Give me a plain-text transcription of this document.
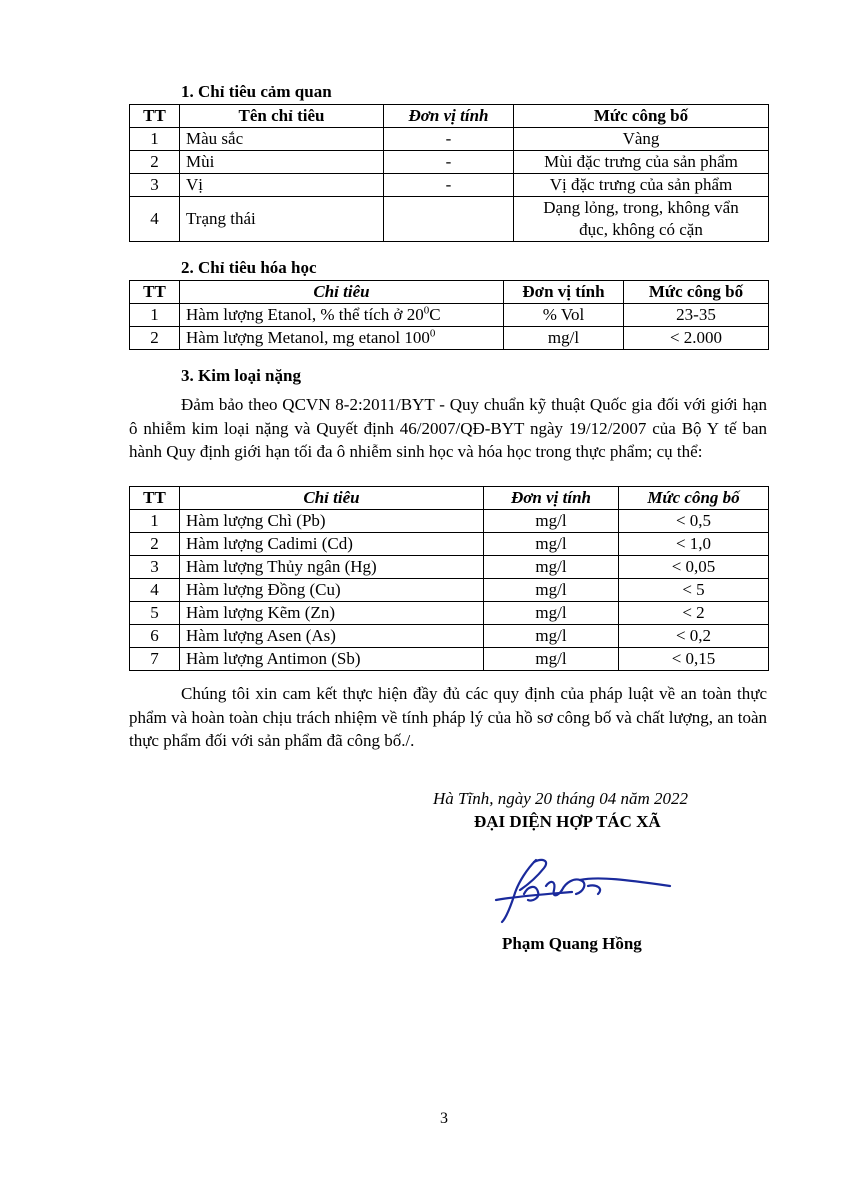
1. Chỉ tiêu cảm quan
TT	Tên chỉ tiêu	Đơn vị tính	Mức công bố
1	Màu sắc	-	Vàng
2	Mùi	-	Mùi đặc trưng của sản phẩm
3	Vị	-	Vị đặc trưng của sản phẩm
4	Trạng thái		Dạng lỏng, trong, không vẩn
đục, không có cặn
2. Chỉ tiêu hóa học
TT	Chỉ tiêu	Đơn vị tính	Mức công bố
1	Hàm lượng Etanol, % thể tích ở $20^0C$	% Vol	23-35
2	Hàm lượng Metanol, mg etanol $100^0$	mg/l	< 2.000
3. Kim loại nặng
Đảm bảo theo QCVN 8-2:2011/BYT - Quy chuẩn kỹ thuật Quốc gia đối với giới hạn ô nhiễm kim loại nặng và Quyết định 46/2007/QĐ-BYT ngày 19/12/2007 của Bộ Y tế ban hành Quy định giới hạn tối đa ô nhiễm sinh học và hóa học trong thực phẩm; cụ thể:
TT	Chỉ tiêu	Đơn vị tính	Mức công bố
1	Hàm lượng Chì (Pb)	mg/l	< 0,5
2	Hàm lượng Cadimi (Cd)	mg/l	< 1,0
3	Hàm lượng Thủy ngân (Hg)	mg/l	< 0,05
4	Hàm lượng Đồng (Cu)	mg/l	< 5
5	Hàm lượng Kẽm (Zn)	mg/l	< 2
6	Hàm lượng Asen (As)	mg/l	< 0,2
7	Hàm lượng Antimon (Sb)	mg/l	< 0,15
Chúng tôi xin cam kết thực hiện đầy đủ các quy định của pháp luật về an toàn thực phẩm và hoàn toàn chịu trách nhiệm về tính pháp lý của hồ sơ công bố và chất lượng, an toàn thực phẩm đối với sản phẩm đã công bố./.
Hà Tĩnh, ngày 20 tháng 04 năm 2022
ĐẠI DIỆN HỢP TÁC XÃ
Phạm Quang Hồng
3
